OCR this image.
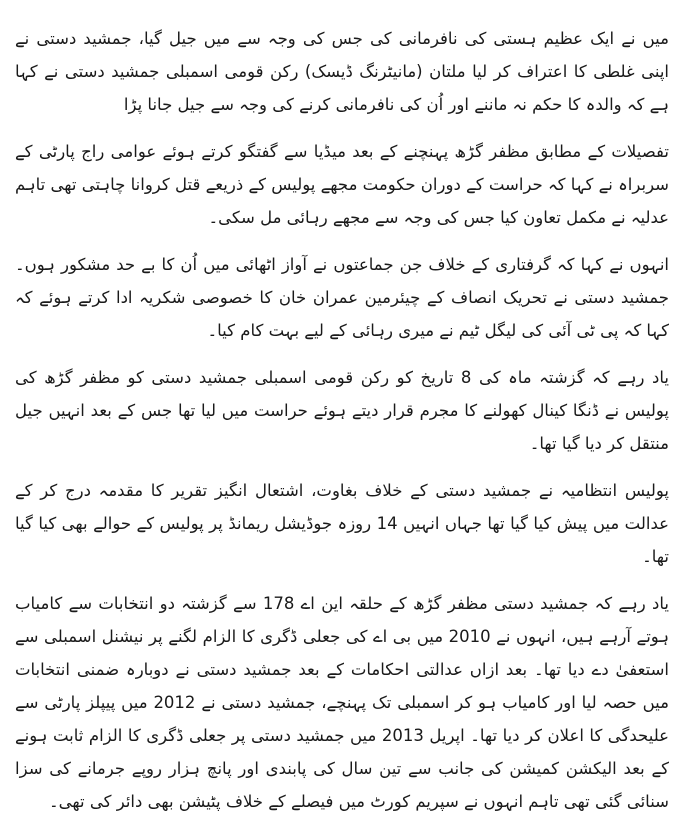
میں نے ایک عظیم ہستی کی نافرمانی کی جس کی وجہ سے میں جیل گیا، جمشید دستی نے اپنی غلطی کا اعتراف کر لیا ملتان (مانیٹرنگ ڈیسک) رکن قومی اسمبلی جمشید دستی نے کہا ہے کہ والدہ کا حکم نہ ماننے اور اُن کی نافرمانی کرنے کی وجہ سے جیل جانا پڑا

تفصیلات کے مطابق مظفر گڑھ پہنچنے کے بعد میڈیا سے گفتگو کرتے ہوئے عوامی راج پارٹی کے سربراہ نے کہا کہ حراست کے دوران حکومت مجھے پولیس کے ذریعے قتل کروانا چاہتی تھی تاہم عدلیہ نے مکمل تعاون کیا جس کی وجہ سے مجھے رہائی مل سکی۔

انہوں نے کہا کہ گرفتاری کے خلاف جن جماعتوں نے آواز اٹھائی میں اُن کا بے حد مشکور ہوں۔ جمشید دستی نے تحریک انصاف کے چیئرمین عمران خان کا خصوصی شکریہ ادا کرتے ہوئے کہ کہا کہ پی ٹی آئی کی لیگل ٹیم نے میری رہائی کے لیے بہت کام کیا۔

یاد رہے کہ گزشتہ ماہ کی 8 تاریخ کو رکن قومی اسمبلی جمشید دستی کو مظفر گڑھ کی پولیس نے ڈنگا کینال کھولنے کا مجرم قرار دیتے ہوئے حراست میں لیا تھا جس کے بعد انہیں جیل منتقل کر دیا گیا تھا۔

پولیس انتظامیہ نے جمشید دستی کے خلاف بغاوت، اشتعال انگیز تقریر کا مقدمہ درج کر کے عدالت میں پیش کیا گیا تھا جہاں انہیں 14 روزہ جوڈیشل ریمانڈ پر پولیس کے حوالے بھی کیا گیا تھا۔

یاد رہے کہ جمشید دستی مظفر گڑھ کے حلقہ این اے 178 سے گزشتہ دو انتخابات سے کامیاب ہوتے آرہے ہیں، انہوں نے 2010 میں بی اے کی جعلی ڈگری کا الزام لگنے پر نیشنل اسمبلی سے استعفیٰ دے دیا تھا۔ بعد ازاں عدالتی احکامات کے بعد جمشید دستی نے دوبارہ ضمنی انتخابات میں حصہ لیا اور کامیاب ہو کر اسمبلی تک پہنچے، جمشید دستی نے 2012 میں پیپلز پارٹی سے علیحدگی کا اعلان کر دیا تھا۔ اپریل 2013 میں جمشید دستی پر جعلی ڈگری کا الزام ثابت ہونے کے بعد الیکشن کمیشن کی جانب سے تین سال کی پابندی اور پانچ ہزار روپے جرمانے کی سزا سنائی گئی تھی تاہم انہوں نے سپریم کورٹ میں فیصلے کے خلاف پٹیشن بھی دائر کی تھی۔
